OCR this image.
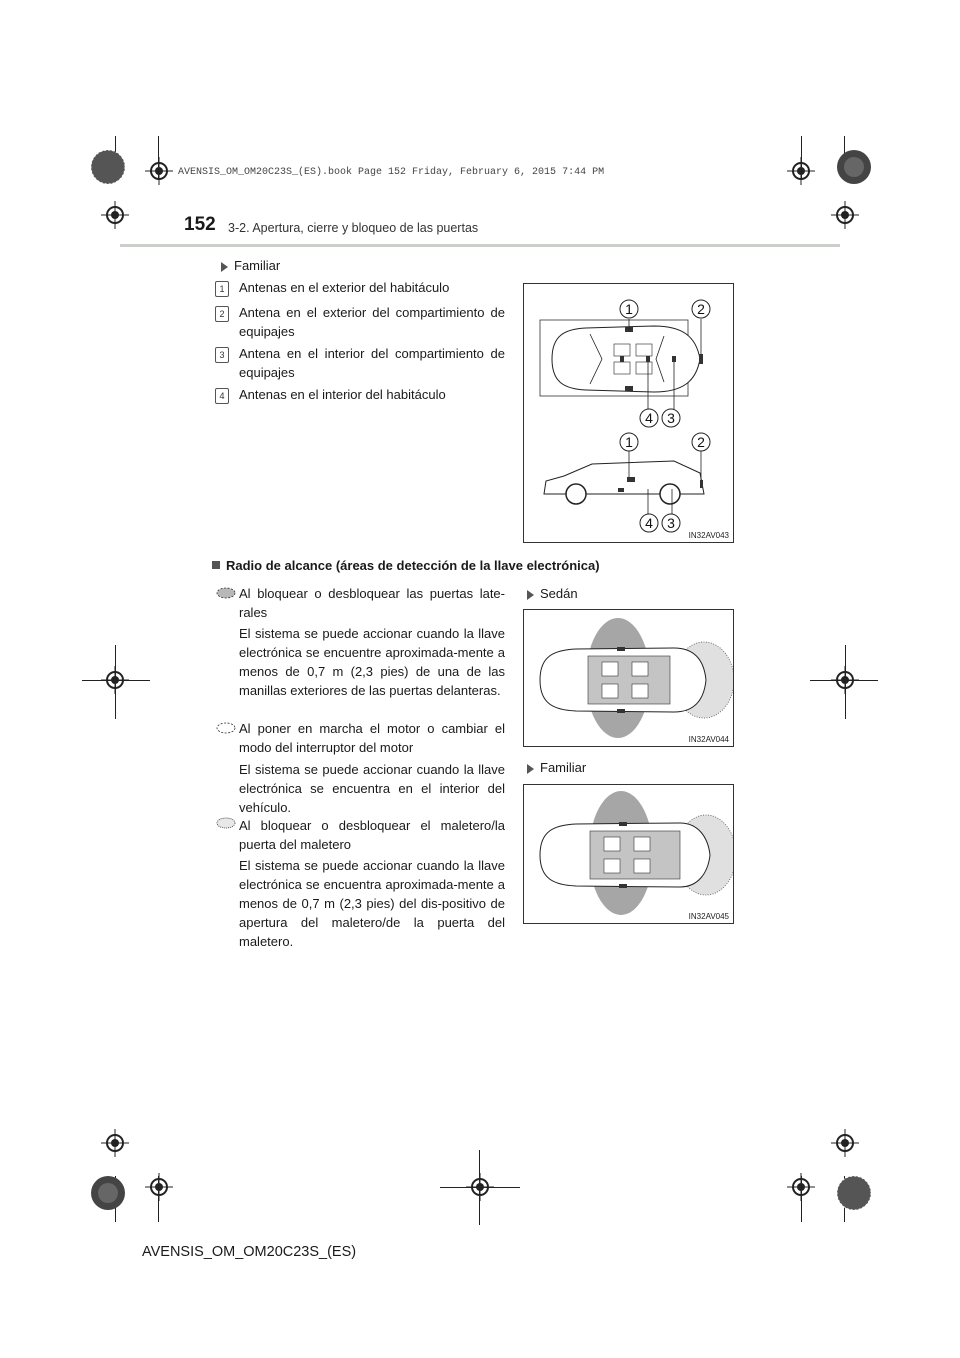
AVENSIS_OM_OM20C23S_(ES).book Page 152 Friday, February 6, 2015 7:44 PM
152 3-2. Apertura, cierre y bloqueo de las puertas
Familiar
1	Antenas en el exterior del habitáculo
2	Antena en el exterior del compartimiento de equipajes
3	Antena en el interior del compartimiento de equipajes
4	Antenas en el interior del habitáculo
1	2
4 3
1	2
4 3
IN32AV043
Radio de alcance (áreas de detección de la llave electrónica)
Al bloquear o desbloquear las puertas late-rales
El sistema se puede accionar cuando la llave electrónica se encuentre aproximada-mente a menos de 0,7 m (2,3 pies) de una de las manillas exteriores de las puertas delanteras.
Al poner en marcha el motor o cambiar el modo del interruptor del motor
El sistema se puede accionar cuando la llave electrónica se encuentra en el interior del vehículo.
Al bloquear o desbloquear el maletero/la puerta del maletero
El sistema se puede accionar cuando la llave electrónica se encuentra aproximada-mente a menos de 0,7 m (2,3 pies) del dis-positivo de apertura del maletero/de la puerta del maletero.
Sedán
IN32AV044
Familiar
IN32AV045
AVENSIS_OM_OM20C23S_(ES)
